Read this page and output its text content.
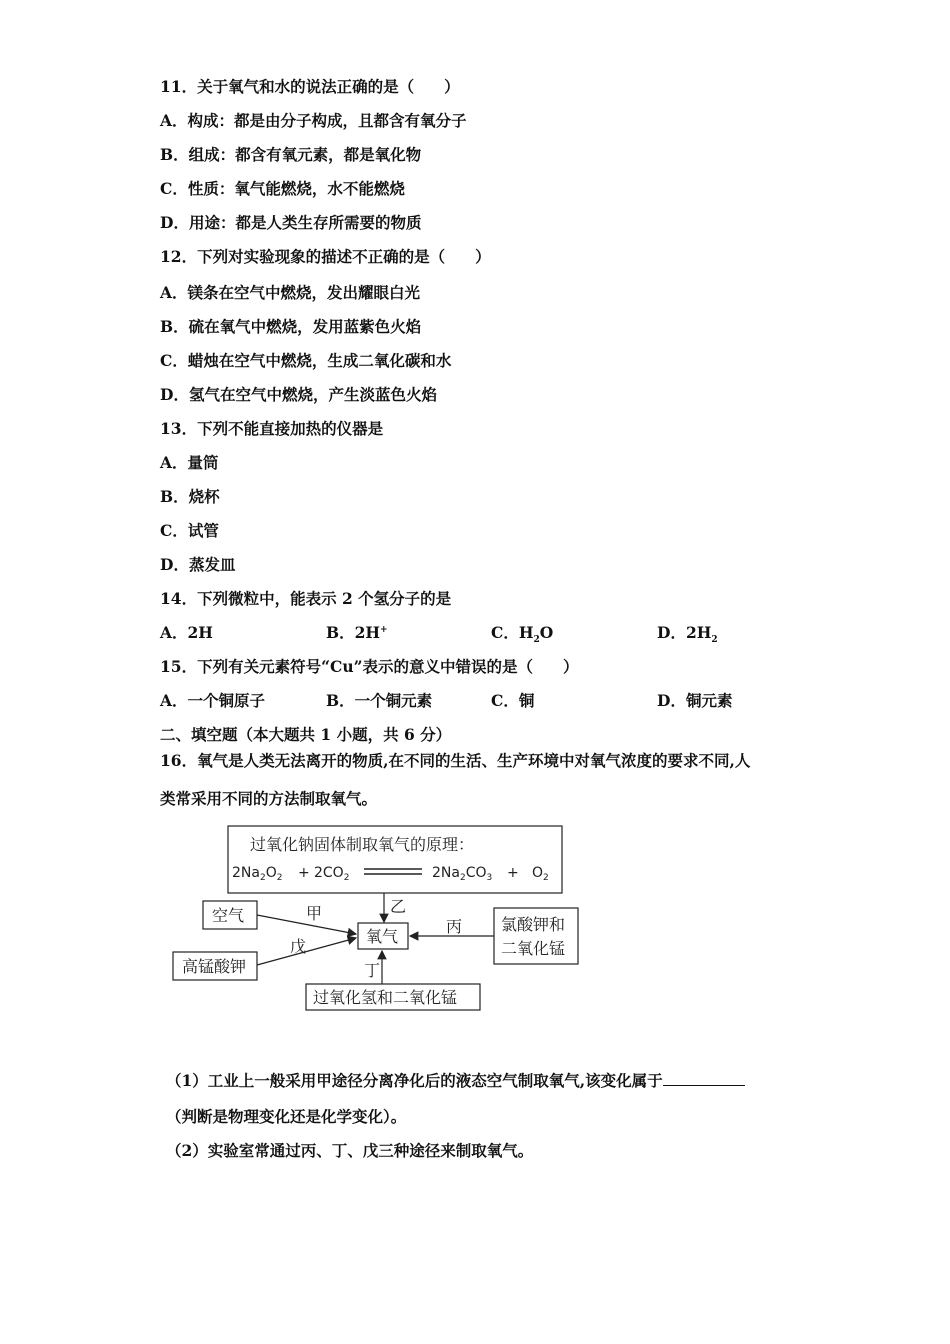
11．关于氧气和水的说法正确的是（ ）
A．构成：都是由分子构成，且都含有氧分子
B．组成：都含有氧元素，都是氧化物
C．性质：氧气能燃烧，水不能燃烧
D．用途：都是人类生存所需要的物质
12．下列对实验现象的描述不正确的是（ ）
A．镁条在空气中燃烧，发出耀眼白光
B．硫在氧气中燃烧，发用蓝紫色火焰
C．蜡烛在空气中燃烧，生成二氧化碳和水
D．氢气在空气中燃烧，产生淡蓝色火焰
13．下列不能直接加热的仪器是
A．量筒
B．烧杯
C．试管
D．蒸发皿
14．下列微粒中，能表示 2 个氢分子的是
A．2H	B．2H+	C．$H_2O$	D．$2H_2$
15．下列有关元素符号“Cu”表示的意义中错误的是（ ）
A．一个铜原子	B．一个铜元素	C．铜	D．铜元素
二、填空题（本大题共 1 小题，共 6 分）
16．氧气是人类无法离开的物质,在不同的生活、生产环境中对氧气浓度的要求不同,人
类常采用不同的方法制取氧气。
过氧化钠固体制取氧气的原理：
$2Na_2O_2 + 2CO_2$	$2Na_2CO_3 + O_2$
乙
空气
高锰酸钾
氧气
甲
戊
氯酸钾和
二氧化锰
丙
过氧化氢和二氧化锰
丁
（1）工业上一般采用甲途径分离净化后的液态空气制取氧气,该变化属于
（判断是物理变化还是化学变化）。
（2）实验室常通过丙、丁、戊三种途径来制取氧气。
